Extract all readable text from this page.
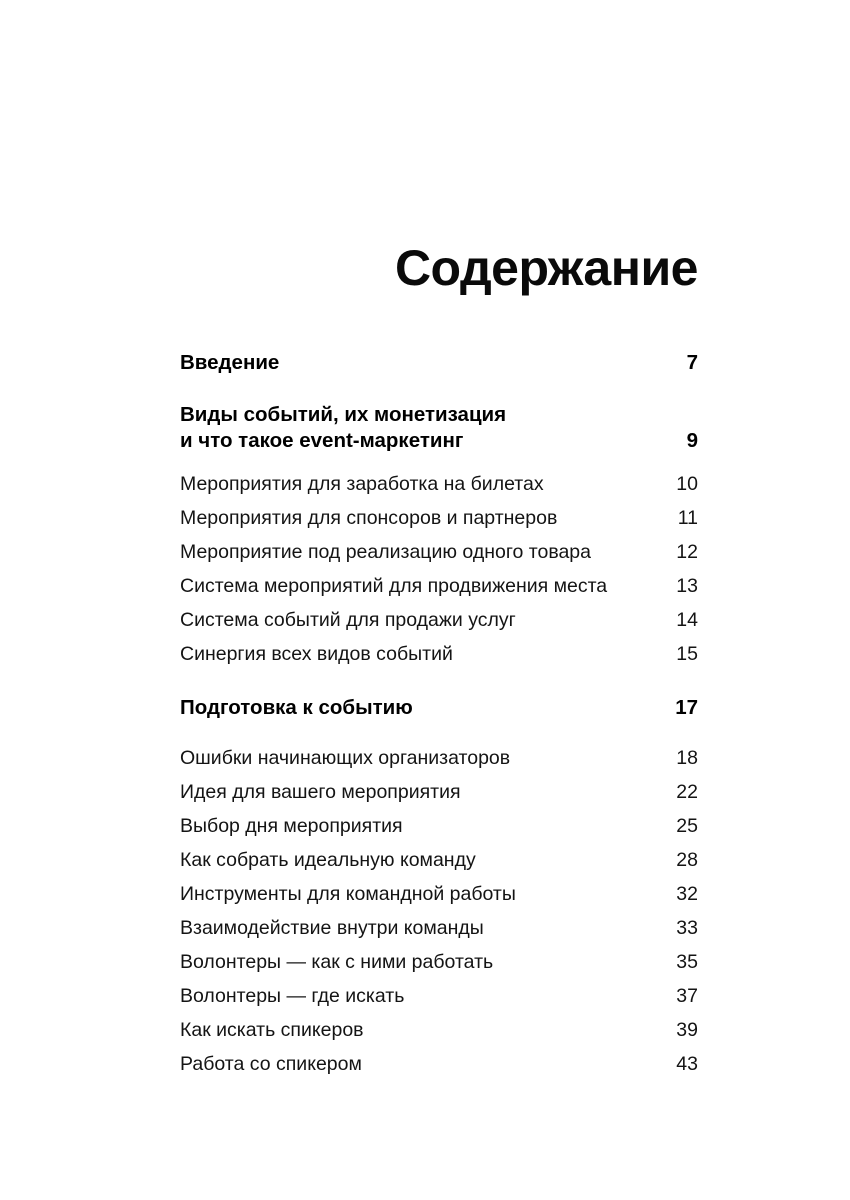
Содержание
Введение	7
Виды событий, их монетизация
и что такое event-маркетинг	9
Мероприятия для заработка на билетах	10
Мероприятия для спонсоров и партнеров	11
Мероприятие под реализацию одного товара	12
Система мероприятий для продвижения места	13
Система событий для продажи услуг	14
Синергия всех видов событий	15
Подготовка к событию	17
Ошибки начинающих организаторов	18
Идея для вашего мероприятия	22
Выбор дня мероприятия	25
Как собрать идеальную команду	28
Инструменты для командной работы	32
Взаимодействие внутри команды	33
Волонтеры — как с ними работать	35
Волонтеры — где искать	37
Как искать спикеров	39
Работа со спикером	43
